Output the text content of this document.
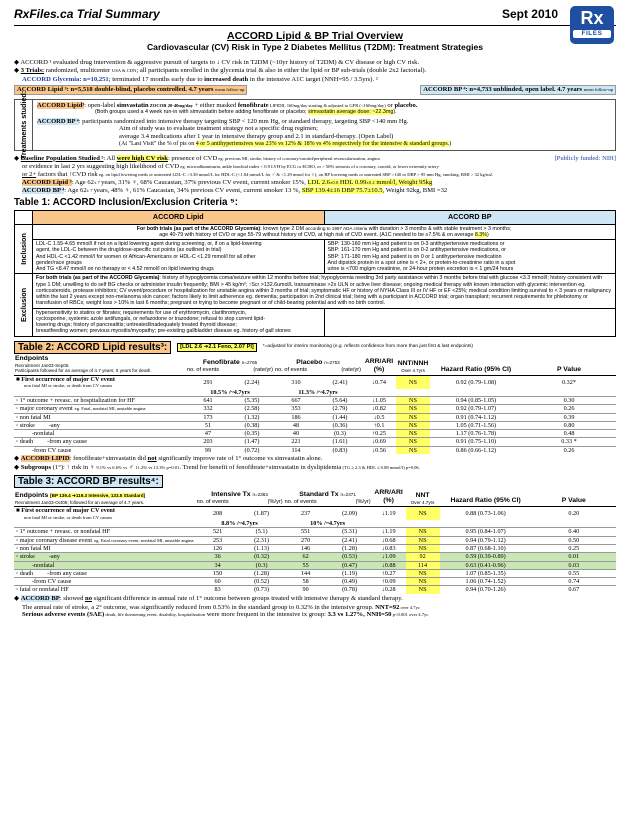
RxFiles.ca Trial Summary	Sept 2010	Rx
FILES
ACCORD Lipid & BP Trial Overview
Cardiovascular (CV) Risk in Type 2 Diabetes Mellitus (T2DM): Treatment Strategies

◆ ACCORD ¹ evaluated drug intervention & aggressive pursuit of targets to ↓ CV risk in T2DM (~10yr history of T2DM) & CV disease or high CV risk.

◆ 3 Trials: randomized, multicenter USA & CDN; all participants enrolled in the glycemia trial & also in either the lipid or BP sub-trials (double 2x2 factorial).

ACCORD Glycemia: n=10,251; terminated 17 months early due to increased death in the intensive A1C target (NNH=95 / 3.5yrs). ²

ACCORD Lipid ³: n=5,518 double-blind, placebo controlled. 4.7 years mean follow-up	ACCORD BP ⁴: n=4,733 unblinded, open label. 4.7 years mean follow-up
Treatments studied: ACCORD Lipid³: open-label simvastatin ZOCOR 20-40mg/day + either masked fenofibrate LIPIDIL 160mg/day starting & adjusted to GFR (<160mg/day) or placebo.

(Both groups used a 4 week run-in with simvastatin before adding fenofibrate or placebo; simvastatin average dose: ~22.3mg).

ACCORD BP ⁴: participants randomized into intensive therapy targeting SBP < 120 mm Hg, or standard therapy, targeting SBP <140 mm Hg.

Aim of study was to evaluate treatment strategy not a specific drug regimen;

average 3.4 medications after 1 year in intensive therapy group and 2.1 in standard-therapy. (Open Label)

(At "Last Visit" the % of pts on 4 or 5 antihypertensives was 23% vs 12% & 18% vs 4% respectively for the intensive & standard groups.)

◆ Baseline Population Studied ⁵: All were high CV risk: presence of CVD eg. previous MI, stroke, history of coronary/carotid/peripheral revascularization, angina	[Publicly funded: NIH]

or evidence in last 2 yrs suggesting high likelihood of CVD eg. microalbuminuria, ankle brachial index < 0.9 LVH by ECG or ECHO, or > 50% stenosis of a coronary, carotid, or lower extremity artery

or 2+ factors that ↑CVD risk eg. on lipid lowering meds or untreated LDL-C >3.38 mmol/L for HDL-C (<1.04 mmol/L for ♂ & <1.29 mmol for ♀), on BP lowering meds or untreated SBP >140 or DBP > 95 mm Hg, smoking, BMI > 32 kg/m2.

ACCORD Lipid ³: Age 62± 7 years, 31% ♀, 68% Caucasian, 37% previous CV event, current smoker 15%, LDL 2.6±0.8 HDL 0.99±0.2 mmol/l, Weight 95kg

ACCORD BP ⁴: Age 62± 7 years, 48% ♀, 61% Caucasian, 34% previous CV event, current smoker 13 %, SBP 139.4±16 DBP 75.7±10.5, Weight 92kg, BMI =32

Table 1: ACCORD Inclusion/Exclusion Criteria ⁵:
ACCORD Lipid	ACCORD BP
Inclusion
For both trials (as part of the ACCORD Glycemia): known type 2 DM according to 1997 ADA criteria with duration > 3 months & with stable treatment > 3 months;
age 40-79 with history of CVD or age 55-79 without history of CVD, at high risk of CVD event. (A1C needed to be ≥7.5% & on average 8.3%)
LDL-C 1.55-4.65 mmol/l if not on a lipid lowering agent during screening, or, if on a lipid-lowering
agent, the LDL-C between the drug/dose-specific cut points (as outlined in trial)
And HDL-C <1.42 mmol/l for women or African-Americans or HDL-C <1.29 mmol/l for all other
gender/race groups
And TG <8.47 mmol/l on no therapy or < 4.52 mmol/l on lipid lowering drugs
SBP: 130-160 mm Hg and patient is on 0-3 antihypertensive medications or
SBP: 161-170 mm Hg and patient is on 0-2 antihypertensive medications, or
SBP: 171-180 mm Hg and patient is on 0 or 1 antihypertensive medication
And dipstick protein in a spot urine is < 2+, or protein-to-creatinine ratio in a spot
urine is <700 mg/gm creatinine, or 24-hour protein excretion is < 1 gm/24 hours
Exclusion
For both trials (as part of the ACCORD Glycemia): history of hypoglycemia coma/seizure within 12 months before trial; hypoglycemia needing 3rd party assistance within 3 months before trial with glucose <3.3 mmol/l; history consistent with type 1 DM; unwilling to do self BG checks or administer insulin frequently; BMI > 45 kg/m²; ↑Scr >132.6umol/L transaminase >2x ULN or active liver disease; ongoing medical therapy with known interaction with glycemic intervention eg. corticosteroids, protease inhibitors; CV event/procedure or hospitalization for unstable angina within 3 months of trial; symptomatic HF or history of NYHA Class III or IV HF or EF <25%; medical condition limiting survival to < 3 years or malignancy within the last 2 years except non-melanoma skin cancer; factors likely to limit adherence eg. dementia; participation in 2nd clinical trial; living with a participant in ACCORD trial; organ transplant; recurrent requirements for phlebotomy or transfusion of RBCs; weight loss > 10% in last 6 months; pregnant or trying to become pregnant or of child-bearing potential and with no birth control.
hypersensitivity to statins or fibrates; requirements for use of erythromycin, clarithromycin,
cyclosporine, systemic azole antifungals, or nefazodone or trazodone; refusal to stop current lipid-
lowering drugs; history of pancreatitis; untreated/inadequately treated thyroid disease;
breastfeeding women; previous myositis/myopathy; pre-existing gallbladder disease eg. history of gall stones
Table 2: ACCORD Lipid results³:	[LDL 2.6 ➜2.1 Feno, 2.07 Pl]	*=adjusted for interim monitoring (e.g. reflects confidence from more than just first & last endpoints)
Endpoints
Recruitment Jan03-Sep05.
Participants followed for an average of 4.7 years; 5 years for death.	Fenofibrate n=2765
no. of events (rate/yr)		Placebo n=2753
no. of events (rate/yr)		ARR/ARI (%)	NNT/NNH
Over 4.7yrs	Hazard Ratio (95% CI)	P Value
■ First occurrence of major CV event
non fatal MI or stroke, or death from CV causes	291	(2.24)	310	(2.41)	↓0.74	NS	0.92 (0.79-1.08)	0.32*
	10.5% /~4.7yrs		11.3% /~4.7yrs					
◦ 1° outcome + revasc. or hospitalization for HF	641	(5.35)	667	(5.64)	↓1.05	NS	0.94 (0.85-1.05)	0.30
◦ major coronary event eg. Fatal, nonfatal MI, unstable angina	332	(2.58)	353	(2.79)	↓0.82	NS	0.92 (0.79-1.07)	0.26
◦ non fatal MI	173	(1.32)	186	(1.44)	↓0.5	NS	0.91 (0.74-1.12)	0.39
◦ stroke -any	51	(0.38)	48	(0.36)	↑0.1	NS	1.05 (0.71-1.56)	0.80
-nonfatal	47	(0.35)	40	(0.3)	↑0.25	NS	1.17 (0.76-1.78)	0.48
◦ death -from any cause	203	(1.47)	221	(1.61)	↓0.69	NS	0.91 (0.75-1.10)	0.33 *
-from CV cause	99	(0.72)	114	(0.83)	↓0.56	NS	0.86 (0.66-1.12)	0.26

◆ ACCORD LIPID: fenofibrate+simvastatin did not significantly improve rate of 1° outcome vs simvastatin alone.

◆ Subgroups (1°): ↑ risk in ♀ 9.1% vs 6.6% vs ♂ 11.2% vs 13.3% p=0.01. Trend for benefit of fenofibrate+simvastatin in dyslipidemia (TG ≥ 2.3 & HDL ≤ 0.88 mmol/l) p=0.06.

Table 3: ACCORD BP results⁴:
Endpoints [BP 139.4 ➜119.3 Intensive, 133.5 Standard]
Recruitment Jan03-Oct05; followed for an average of 4.7 years.	Intensive Tx n=2363
no. of events (%/yr)		Standard Tx n=2371
no. of events (%/yr)		ARR/ARI (%)	NNT
Over 4.7yrs	Hazard Ratio (95% CI)	P Value
■ First occurrence of major CV event
non fatal MI or stroke, or death from CV causes	208	(1.87)	237	(2.09)	↓1.19	NS	0.88 (0.73-1.06)	0.20
	8.8% /~4.7yrs		10% /~4.7yrs					
◦ 1° outcome + revasc. or nonfatal HF	521	(5.1)	551	(5.31)	↓1.19	NS	0.95 (0.84-1.07)	0.40
◦ major coronary disease event eg. Fatal coronary event, nonfatal MI, unstable angina	253	(2.31)	270	(2.41)	↓0.68	NS	0.94 (0.79-1.12)	0.50
◦ non fatal MI	126	(1.13)	146	(1.28)	↓0.83	NS	0.87 (0.68-1.10)	0.25
◦ stroke -any	36	(0.32)	62	(0.53)	↓1.09	92	0.59 (0.39-0.89)	0.01
-nonfatal	34	(0.3)	55	(0.47)	↓0.88	114	0.63 (0.41-0.96)	0.03
◦ death -from any cause	150	(1.28)	144	(1.19)	↑0.27	NS	1.07 (0.85-1.35)	0.55
-from CV cause	60	(0.52)	58	(0.49)	↑0.09	NS	1.06 (0.74-1.52)	0.74
◦ fatal or nonfatal HF	83	(0.73)	90	(0.78)	↓0.28	NS	0.94 (0.70-1.26)	0.67

◆ ACCORD BP: showed no significant difference in annual rate of 1° outcome between groups treated with intensive therapy & standard therapy.

The annual rate of stroke, a 2° outcome, was significantly reduced from 0.53% in the standard group to 0.32% in the intensive group. NNT=92 over 4.7yr.

Serious adverse events (SAE) death, life threatening event, disability, hospitalization were more frequent in the intensive tx group: 3.3 vs 1.27%, NNH=50 p<0.001 over 4.7yr.
